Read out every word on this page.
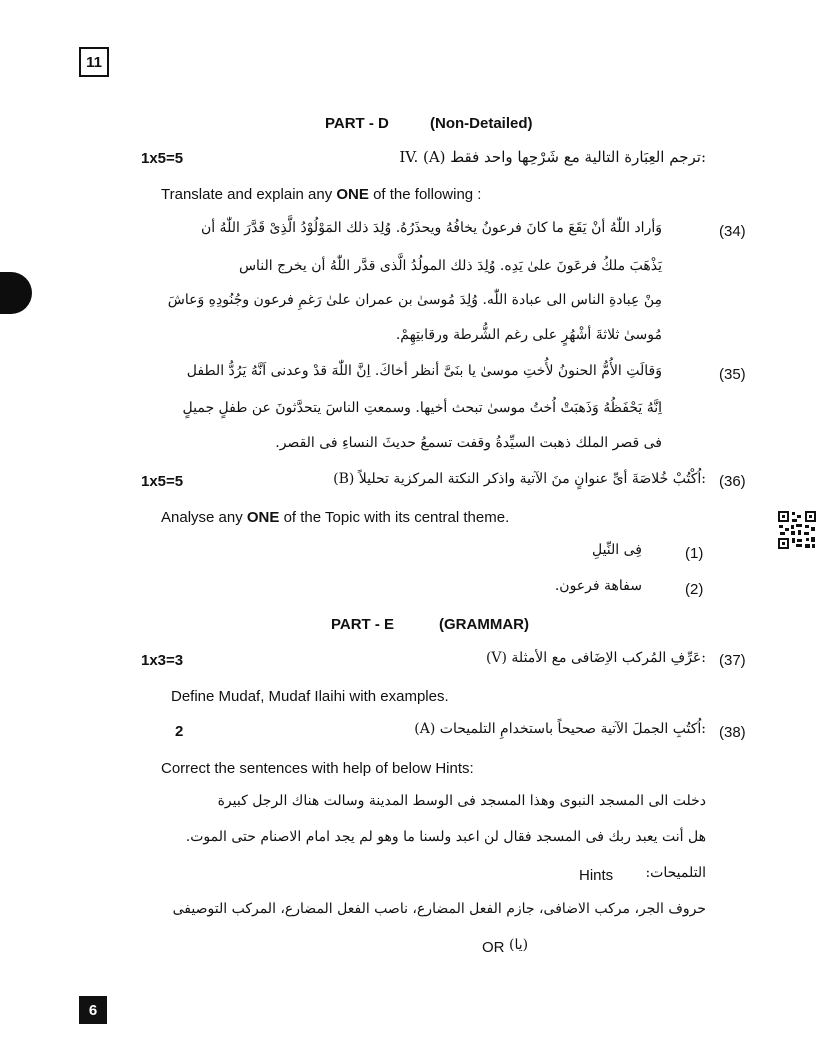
11
PART - D	(Non-Detailed)
1x5=5	IV. (A) ترجم العِبَارة التالية مع شَرْحِها واحد فقط:
Translate and explain any ONE of the following :
(34)
وَأراد اللّٰهُ أنْ يَقَعَ ما كانَ فرعونُ يخافُهُ ويحذَرُهُ. وُلِدَ ذلك المَوْلُوْدُ الَّذِىْ قَدَّرَ اللّٰهُ أن
يَذْهَبَ ملكُ فرعَونَ علىٰ يَدِه. وُلِدَ ذلك المولُدُ الَّذى قدَّر اللّٰهُ أن يخرج الناس
مِنْ عِبادةِ الناس الى عبادة اللّٰه. وُلِدَ مُوسىٰ بن عمران علىٰ رَغمِ فرعون وجُنُودِهِ وَعاشَ
مُوسىٰ ثلاثةَ أشْهُرٍ على رغم الشُّرطة ورقابتِهِمْ.
(35)
وَقالَتِ الأُمُّ الحنونُ لأُختِ موسىٰ يا بنَىَّ أنظر أخاكَ. اِنَّ اللّٰهَ قدْ وعدنى اَنَّهُ يَرُدُّ الطفل
اِنَّهُ يَحْفَظُهُ وَذَهبَتْ اُختُ موسىٰ تبحث أخيها. وسمعتِ الناسَ يتحدَّثونَ عن طفلٍ جميلٍ
فى قصر الملك ذهبت السيِّدةُ وقفت تسمعُ حديثَ النساءِ فى القصر.
1x5=5	(36)
(B) اُكْتُبْ خُلاصَةَ أىِّ عنوانٍ منَ الآتية واذكر النكتة المركزية تحليلاً:
Analyse any ONE of the Topic with its central theme.
(1)
فِى النِّيلِ
(2)
سفاهة فرعون.
PART - E	(GRAMMAR)
1x3=3	(37)
(V) عَرِّفِ المُركب الاِضَافى مع الأمثلة:
Define Mudaf, Mudaf Ilaihi with examples.
2	(38)
(A) اُكتُبِ الجملَ الآتية صحيحاً باستخدامِ التلميحات:
Correct the sentences with help of below Hints:
دخلت الى المسجد النبوى وهذا المسجد فى الوسط المدينة وسالت هناك الرجل كبيرة
هل أنت يعبد ربك فى المسجد فقال لن اعبد ولسنا ما وهو لم يجد امام الاصنام حتى الموت.
Hints التلميحات:
حروف الجر، مركب الاضافى، جازم الفعل المضارع، ناصب الفعل المضارع، المركب التوصيفى
OR (يا)
6
